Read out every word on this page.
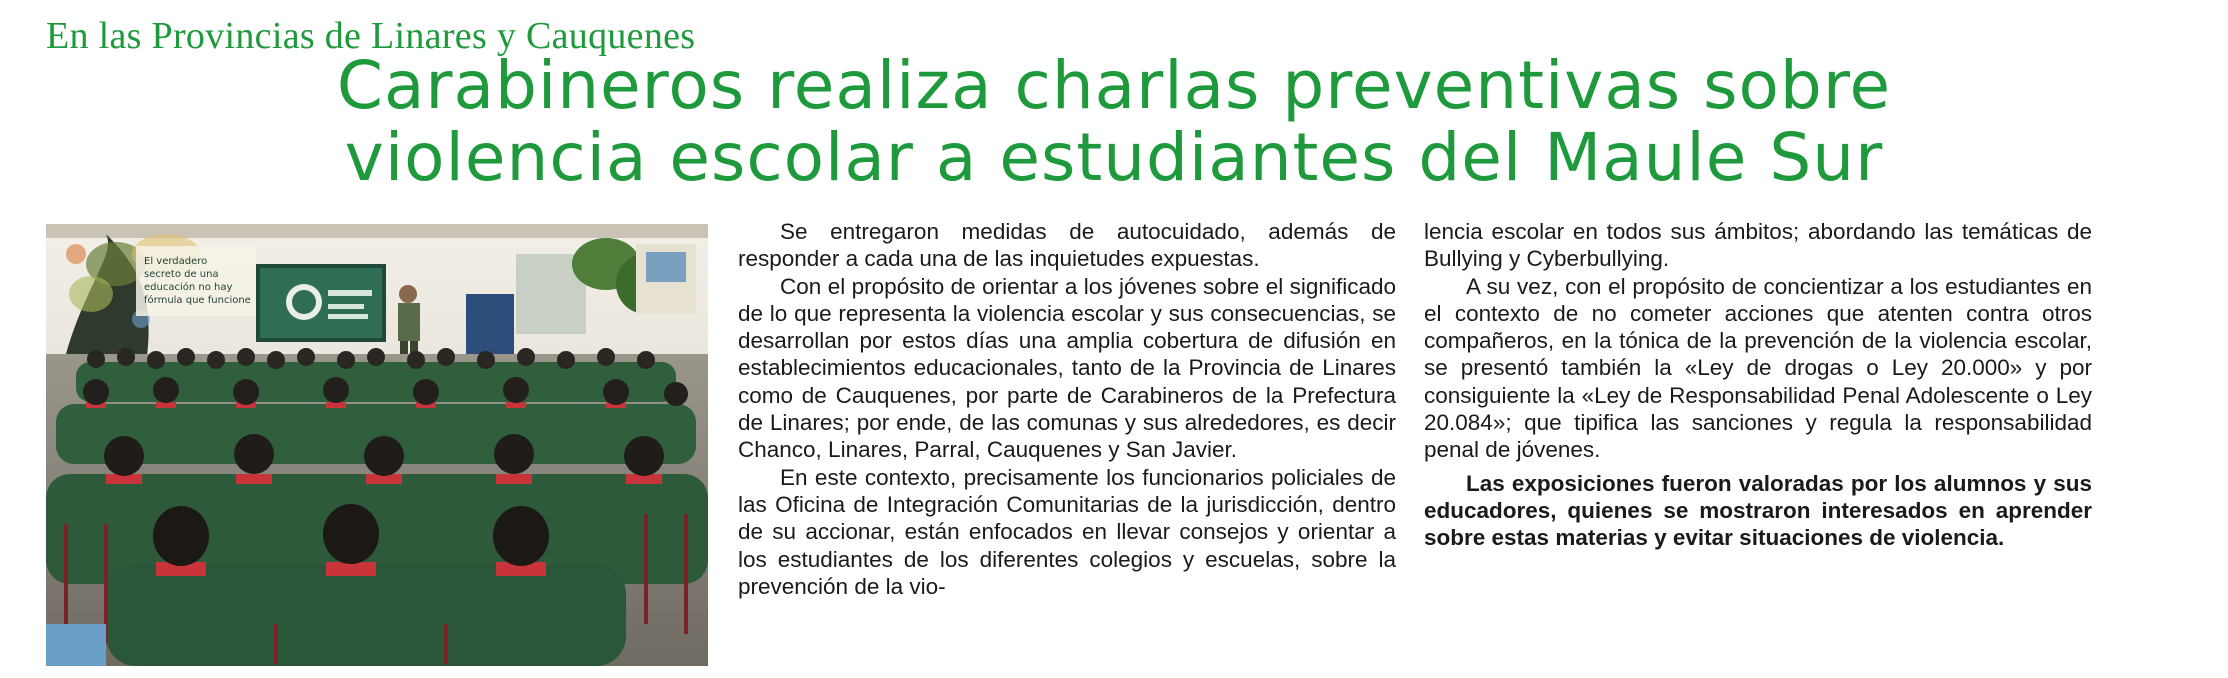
En las Provincias de Linares y Cauquenes
Carabineros realiza charlas preventivas sobre
violencia escolar a estudiantes del Maule Sur
El verdadero
secreto de una
educación no hay
fórmula que funcione

Se entregaron medidas de autocuidado, además de responder a cada una de las inquietudes expuestas.

Con el propósito de orientar a los jóvenes sobre el significado de lo que representa la violencia escolar y sus consecuencias, se desarrollan por estos días una amplia cobertura de difusión en establecimientos educacionales, tanto de la Provincia de Linares como de Cauquenes, por parte de Carabineros de la Prefectura de Linares; por ende, de las comunas y sus alrededores, es decir Chanco, Linares, Parral, Cauquenes y San Javier.

En este contexto, precisamente los funcionarios policiales de las Oficina de Integración Comunitarias de la jurisdicción, dentro de su accionar, están enfocados en llevar consejos y orientar a los estudiantes de los diferentes colegios y escuelas, sobre la prevención de la vio-

lencia escolar en todos sus ámbitos; abordando las temáticas de Bullying y Cyberbullying.

A su vez, con el propósito de concientizar a los estudiantes en el contexto de no cometer acciones que atenten contra otros compañeros, en la tónica de la prevención de la violencia escolar, se presentó también la «Ley de drogas o Ley 20.000» y por consiguiente la «Ley de Responsabilidad Penal Adolescente o Ley 20.084»; que tipifica las sanciones y regula la responsabilidad penal de jóvenes.

Las exposiciones fueron valoradas por los alumnos y sus educadores, quienes se mostraron interesados en aprender sobre estas materias y evitar situaciones de violencia.
